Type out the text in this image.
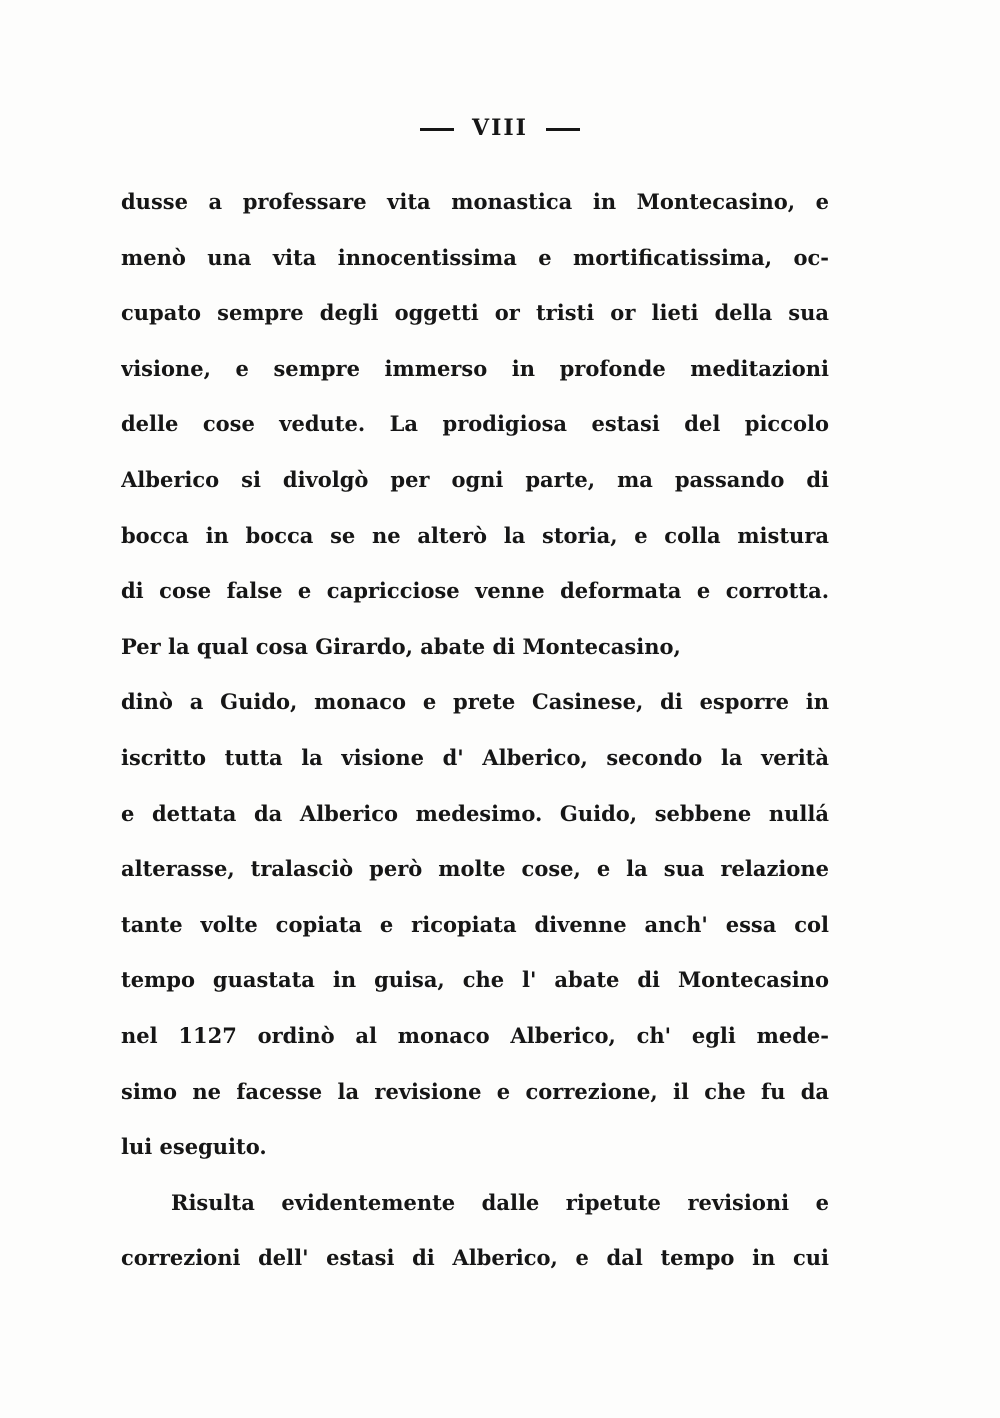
VIII
dusse a professare vita monastica in Montecasino, e
menò una vita innocentissima e mortificatissima, oc-
cupato sempre degli oggetti or tristi or lieti della sua
visione, e sempre immerso in profonde meditazioni
delle cose vedute. La prodigiosa estasi del piccolo
Alberico si divolgò per ogni parte, ma passando di
bocca in bocca se ne alterò la storia, e colla mistura
di cose false e capricciose venne deformata e corrotta.
Per la qual cosa Girardo, abate di Montecasino,
dinò a Guido, monaco e prete Casinese, di esporre in
iscritto tutta la visione d' Alberico, secondo la verità
e dettata da Alberico medesimo. Guido, sebbene nullá
alterasse, tralasciò però molte cose, e la sua relazione
tante volte copiata e ricopiata divenne anch' essa col
tempo guastata in guisa, che l' abate di Montecasino
nel 1127 ordinò al monaco Alberico, ch' egli mede-
simo ne facesse la revisione e correzione, il che fu da
lui eseguito.
Risulta evidentemente dalle ripetute revisioni e
correzioni dell' estasi di Alberico, e dal tempo in cui
